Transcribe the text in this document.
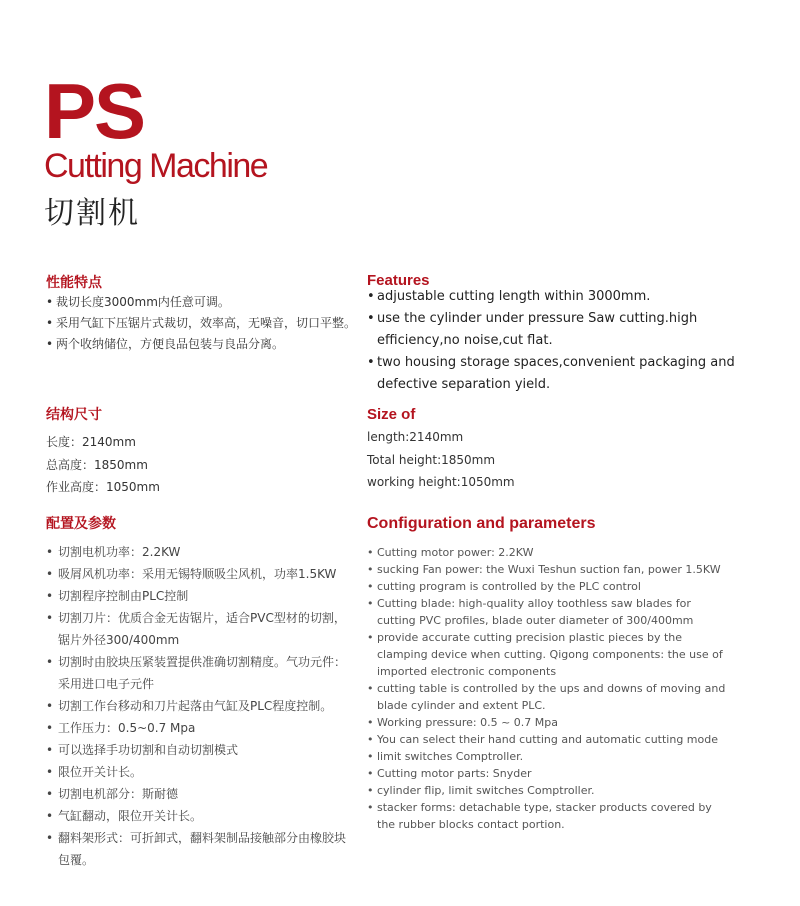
PS
Cutting Machine
切割机
性能特点
• 裁切长度3000mm内任意可调。
• 采用气缸下压锯片式裁切，效率高，无噪音，切口平整。
• 两个收纳储位，方便良品包装与良品分离。
Features
• adjustable cutting length within 3000mm.
• use the cylinder under pressure Saw cutting.high efficiency,no noise,cut flat.
• two housing storage spaces,convenient packaging and defective separation yield.
结构尺寸
长度：2140mm
总高度：1850mm
作业高度：1050mm
Size of
length:2140mm
Total height:1850mm
working height:1050mm
配置及参数
• 切割电机功率：2.2KW
• 吸屑风机功率：采用无锡特顺吸尘风机，功率1.5KW
• 切割程序控制由PLC控制
• 切割刀片：优质合金无齿锯片，适合PVC型材的切割，锯片外径300/400mm
• 切割时由胶块压紧装置提供准确切割精度。气功元件：采用进口电子元件
• 切割工作台移动和刀片起落由气缸及PLC程度控制。
• 工作压力：0.5~0.7 Mpa
• 可以选择手功切割和自动切割模式
• 限位开关计长。
• 切割电机部分：斯耐德
• 气缸翻动，限位开关计长。
• 翻料架形式：可折卸式，翻料架制品接触部分由橡胶块包覆。
Configuration and parameters
• Cutting motor power: 2.2KW
• sucking Fan power: the Wuxi Teshun suction fan, power 1.5KW
• cutting program is controlled by the PLC control
• Cutting blade: high-quality alloy toothless saw blades for cutting PVC profiles, blade outer diameter of 300/400mm
• provide accurate cutting precision plastic pieces by the clamping device when cutting. Qigong components: the use of imported electronic components
• cutting table is controlled by the ups and downs of moving and blade cylinder and extent PLC.
• Working pressure: 0.5 ~ 0.7 Mpa
• You can select their hand cutting and automatic cutting mode
• limit switches Comptroller.
• Cutting motor parts: Snyder
• cylinder flip, limit switches Comptroller.
• stacker forms: detachable type, stacker products covered by the rubber blocks contact portion.
